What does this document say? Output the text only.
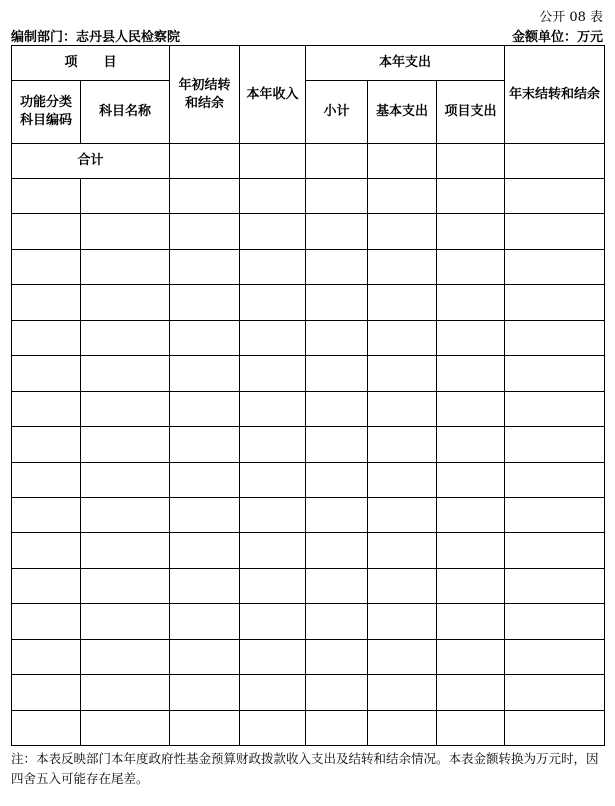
公开 08 表
编制部门：志丹县人民检察院	金额单位：万元
项　　目		年初结转和结余	本年收入	本年支出			年末结转和结余

功能分类科目编码	科目名称			小计	基本支出	项目支出	
合计							

注：本表反映部门本年度政府性基金预算财政拨款收入支出及结转和结余情况。本表金额转换为万元时，因四舍五入可能存在尾差。
